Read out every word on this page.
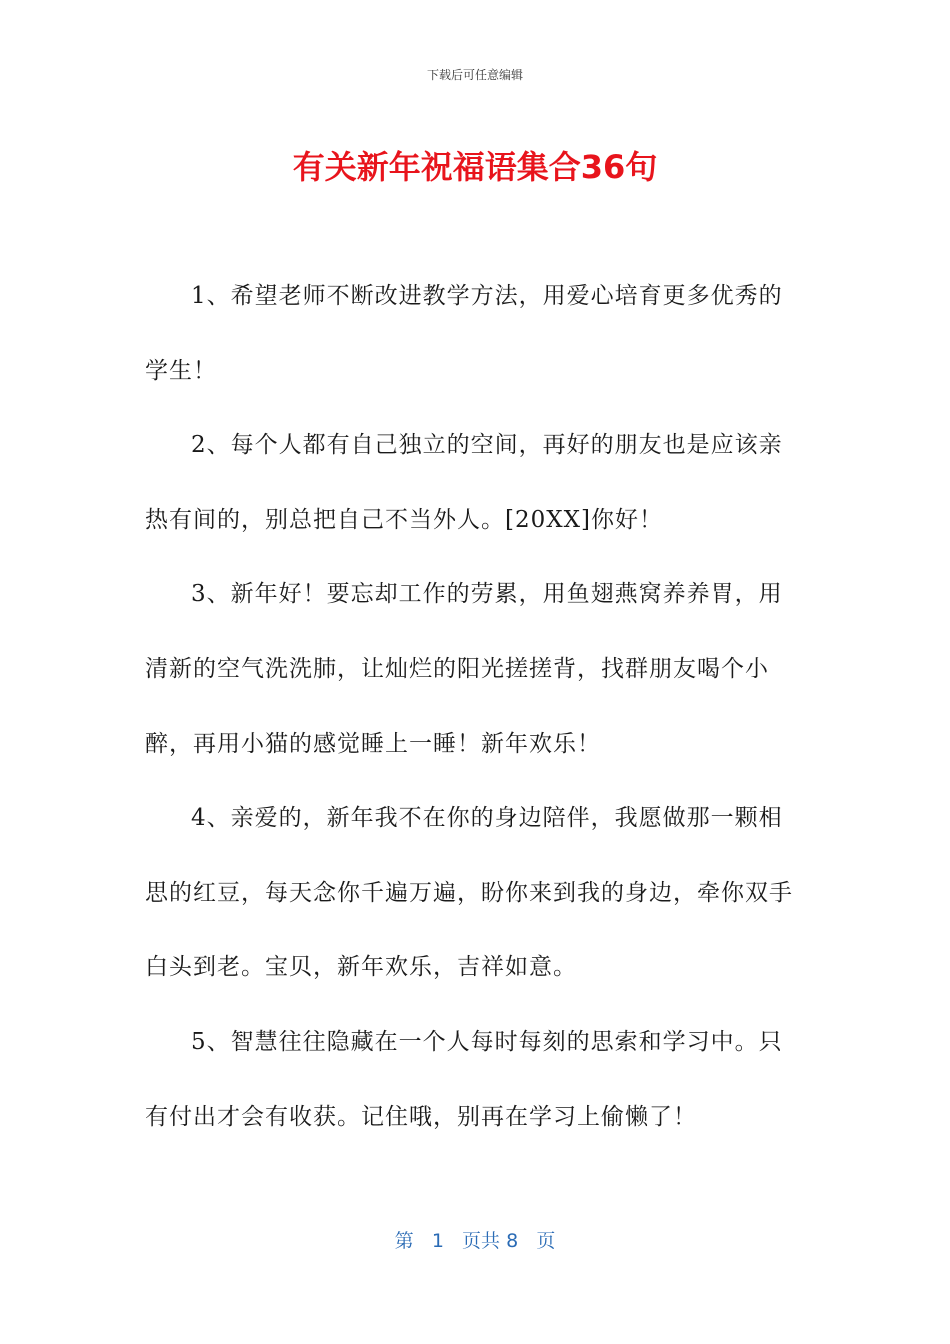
下载后可任意编辑
有关新年祝福语集合36句

1、希望老师不断改进教学方法，用爱心培育更多优秀的学生！

2、每个人都有自己独立的空间，再好的朋友也是应该亲热有间的，别总把自己不当外人。[20XX]你好！

3、新年好！要忘却工作的劳累，用鱼翅燕窝养养胃，用清新的空气洗洗肺，让灿烂的阳光搓搓背，找群朋友喝个小醉，再用小猫的感觉睡上一睡！新年欢乐！

4、亲爱的，新年我不在你的身边陪伴，我愿做那一颗相思的红豆，每天念你千遍万遍，盼你来到我的身边，牵你双手白头到老。宝贝，新年欢乐，吉祥如意。

5、智慧往往隐藏在一个人每时每刻的思索和学习中。只有付出才会有收获。记住哦，别再在学习上偷懒了！

第 1 页共 8 页
